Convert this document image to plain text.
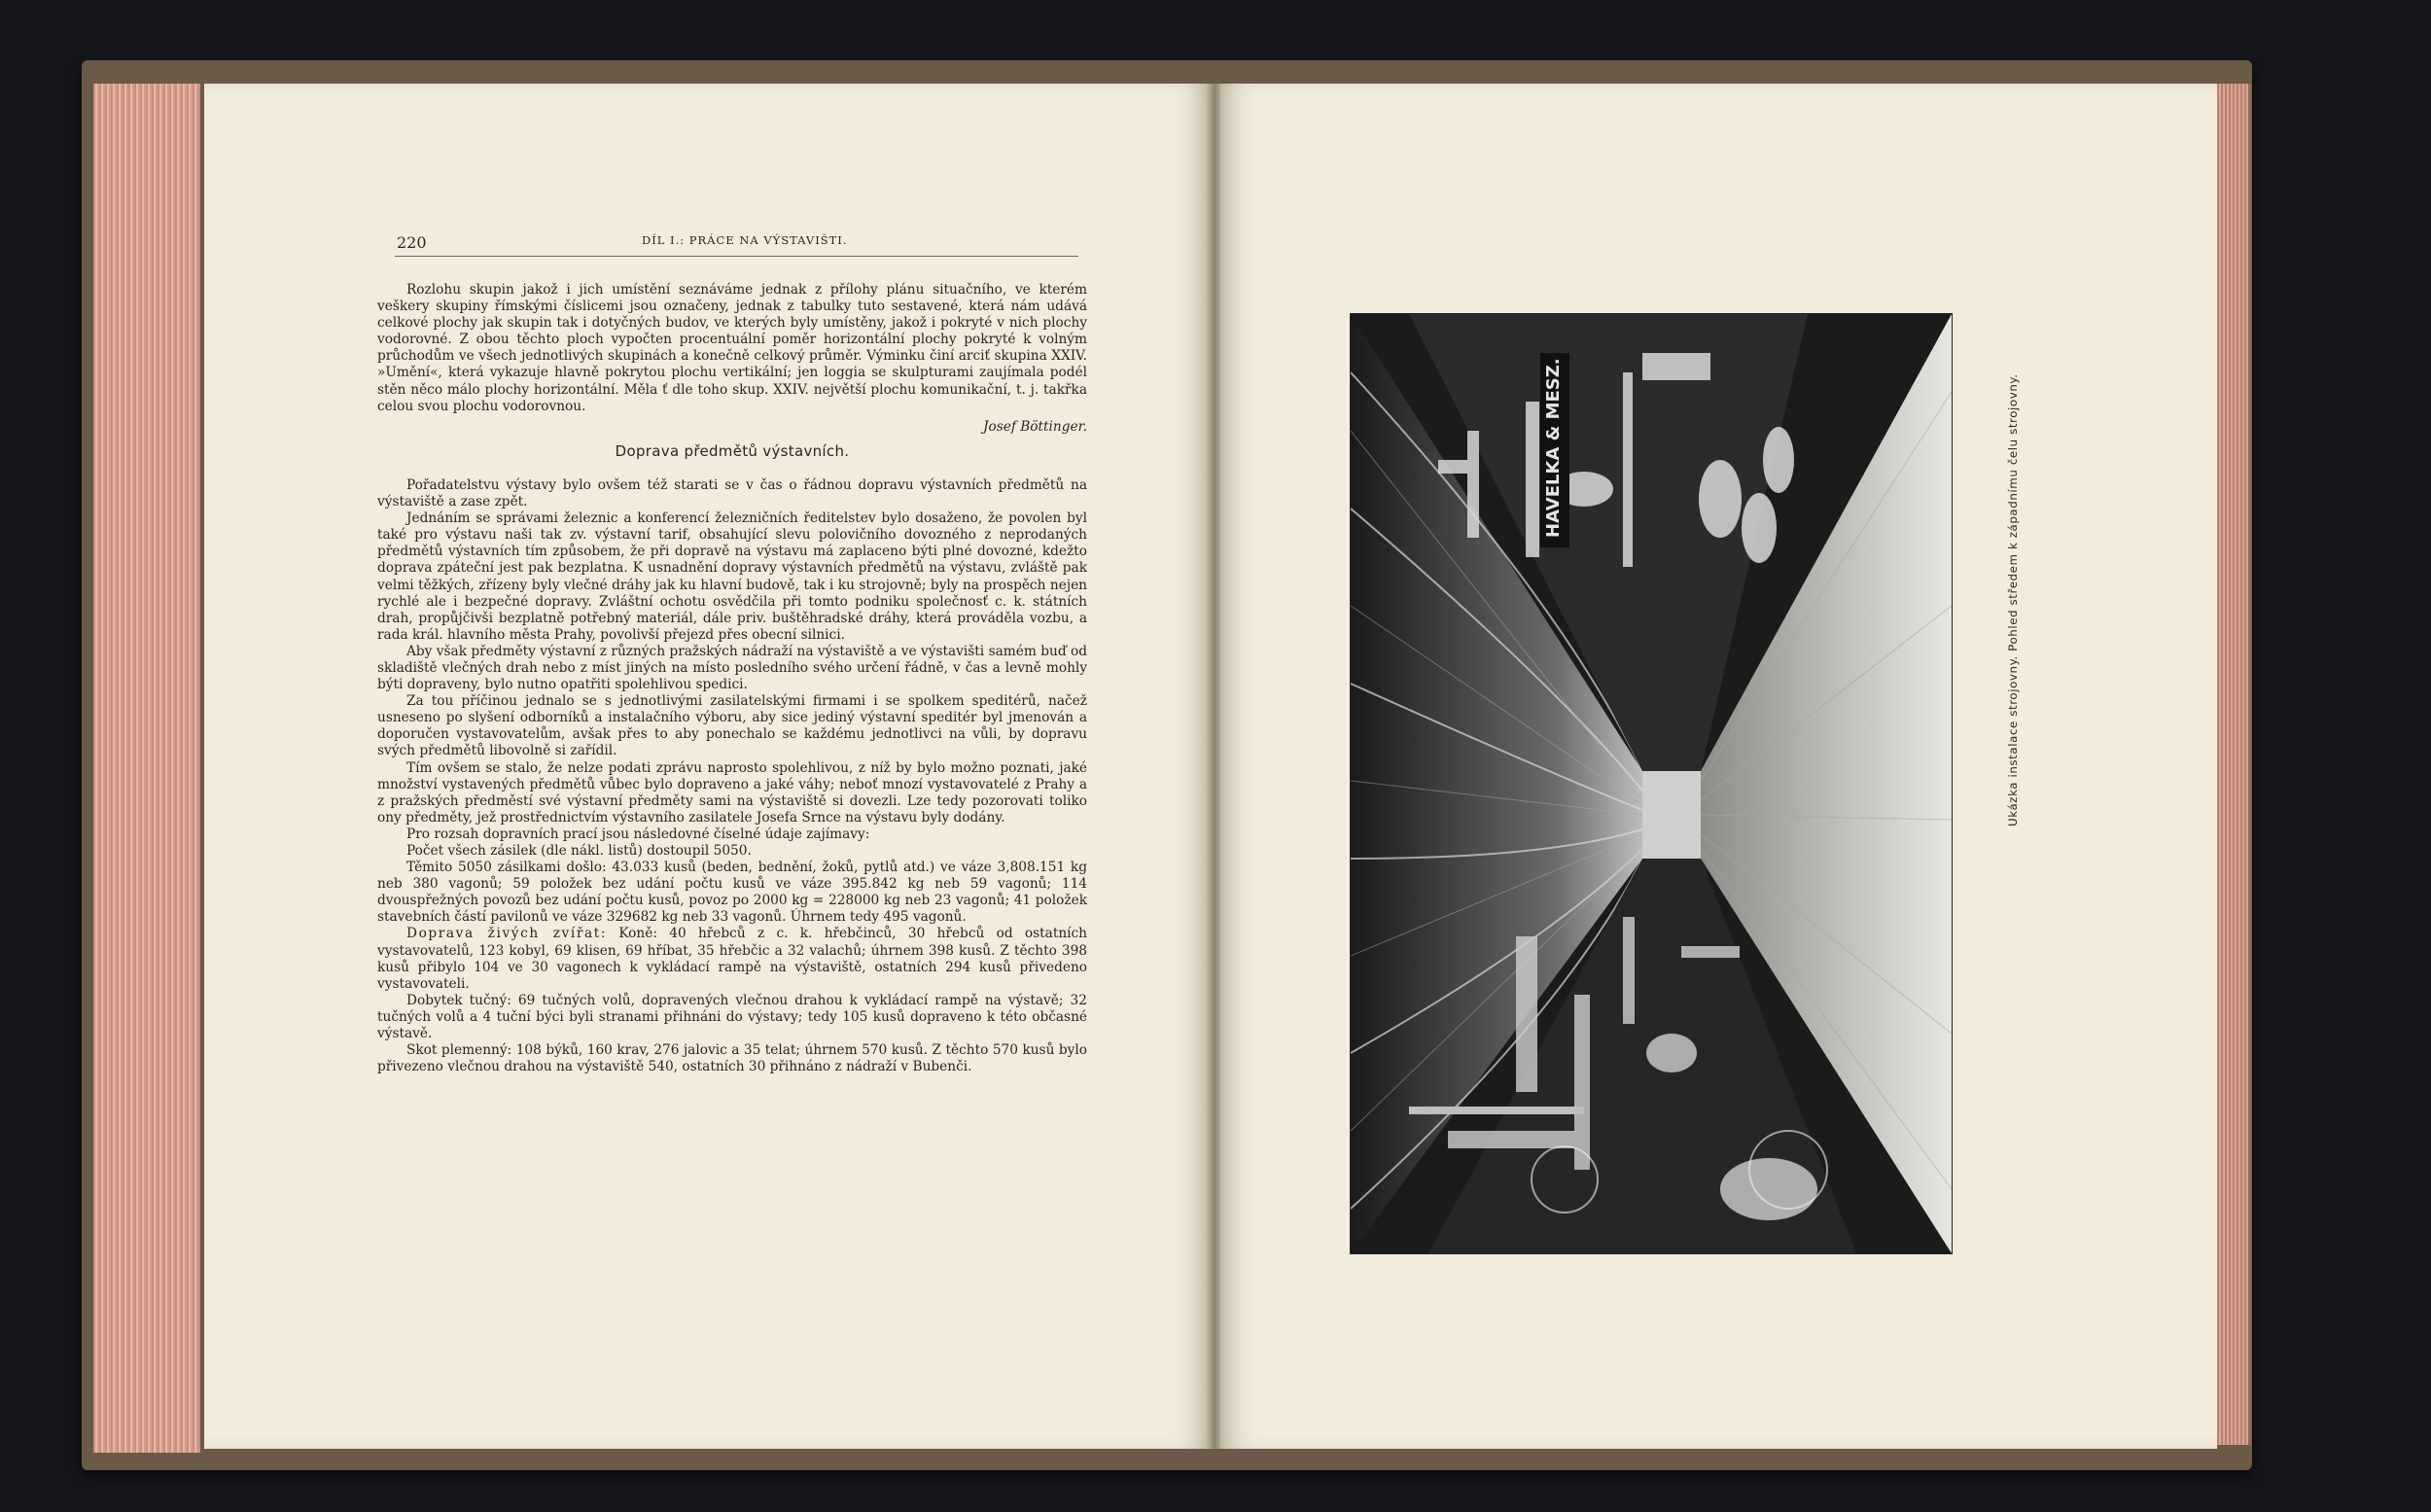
220	DÍL I.: PRÁCE NA VÝSTAVIŠTI.

Rozlohu skupin jakož i jich umístění seznáváme jednak z přílohy plánu situačního, ve kterém veškery skupiny římskými číslicemi jsou označeny, jednak z tabulky tuto sestavené, která nám udává celkové plochy jak skupin tak i dotyčných budov, ve kterých byly umístěny, jakož i pokryté v nich plochy vodorovné. Z obou těchto ploch vypočten procentuální poměr horizontální plochy pokryté k volným průchodům ve všech jednotlivých skupinách a konečně celkový průměr. Výminku činí arciť skupina XXIV. »Umění«, která vykazuje hlavně pokrytou plochu vertikální; jen loggia se skulpturami zaujímala podél stěn něco málo plochy horizontální. Měla ť dle toho skup. XXIV. největší plochu komunikační, t. j. takřka celou svou plochu vodorovnou.

Josef Böttinger.

Doprava předmětů výstavních.

Pořadatelstvu výstavy bylo ovšem též starati se v čas o řádnou dopravu výstavních předmětů na výstaviště a zase zpět.

Jednáním se správami železnic a konferencí železničních ředitelstev bylo dosaženo, že povolen byl také pro výstavu naši tak zv. výstavní tarif, obsahující slevu polovičního dovozného z neprodaných předmětů výstavních tím způsobem, že při dopravě na výstavu má zaplaceno býti plné dovozné, kdežto doprava zpáteční jest pak bezplatna. K usnadnění dopravy výstavních předmětů na výstavu, zvláště pak velmi těžkých, zřízeny byly vlečné dráhy jak ku hlavní budově, tak i ku strojovně; byly na prospěch nejen rychlé ale i bezpečné dopravy. Zvláštní ochotu osvědčila při tomto podniku společnosť c. k. státních drah, propůjčivši bezplatně potřebný materiál, dále priv. buštěhradské dráhy, která prováděla vozbu, a rada král. hlavního města Prahy, povolivší přejezd přes obecní silnici.

Aby však předměty výstavní z různých pražských nádraží na výstaviště a ve výstavišti samém buď od skladiště vlečných drah nebo z míst jiných na místo posledního svého určení řádně, v čas a levně mohly býti dopraveny, bylo nutno opatřiti spolehlivou spedici.

Za tou příčinou jednalo se s jednotlivými zasilatelskými firmami i se spolkem speditérů, načež usneseno po slyšení odborníků a instalačního výboru, aby sice jediný výstavní speditér byl jmenován a doporučen vystavovatelům, avšak přes to aby ponechalo se každému jednotlivci na vůli, by dopravu svých předmětů libovolně si zařídil.

Tím ovšem se stalo, že nelze podati zprávu naprosto spolehlivou, z níž by bylo možno poznati, jaké množství vystavených předmětů vůbec bylo dopraveno a jaké váhy; neboť mnozí vystavovatelé z Prahy a z pražských předměstí své výstavní předměty sami na výstaviště si dovezli. Lze tedy pozorovati toliko ony předměty, jež prostřednictvím výstavního zasilatele Josefa Srnce na výstavu byly dodány.

Pro rozsah dopravních prací jsou následovné číselné údaje zajímavy:

Počet všech zásilek (dle nákl. listů) dostoupil 5050.

Těmito 5050 zásilkami došlo: 43.033 kusů (beden, bednění, žoků, pytlů atd.) ve váze 3,808.151 kg neb 380 vagonů; 59 položek bez udání počtu kusů ve váze 395.842 kg neb 59 vagonů; 114 dvouspřežných povozů bez udání počtu kusů, povoz po 2000 kg = 228000 kg neb 23 vagonů; 41 položek stavebních částí pavilonů ve váze 329682 kg neb 33 vagonů. Úhrnem tedy 495 vagonů.

Doprava živých zvířat: Koně: 40 hřebců z c. k. hřebčinců, 30 hřebců od ostatních vystavovatelů, 123 kobyl, 69 klisen, 69 hříbat, 35 hřebčic a 32 valachů; úhrnem 398 kusů. Z těchto 398 kusů přibylo 104 ve 30 vagonech k vykládací rampě na výstaviště, ostatních 294 kusů přivedeno vystavovateli.

Dobytek tučný: 69 tučných volů, dopravených vlečnou drahou k vykládací rampě na výstavě; 32 tučných volů a 4 tuční býci byli stranami přihnáni do výstavy; tedy 105 kusů dopraveno k této občasné výstavě.

Skot plemenný: 108 býků, 160 krav, 276 jalovic a 35 telat; úhrnem 570 kusů. Z těchto 570 kusů bylo přivezeno vlečnou drahou na výstaviště 540, ostatních 30 přihnáno z nádraží v Bubenči.

HAVELKA & MESZ.	Ukázka instalace strojovny. Pohled středem k západnímu čelu strojovny.
